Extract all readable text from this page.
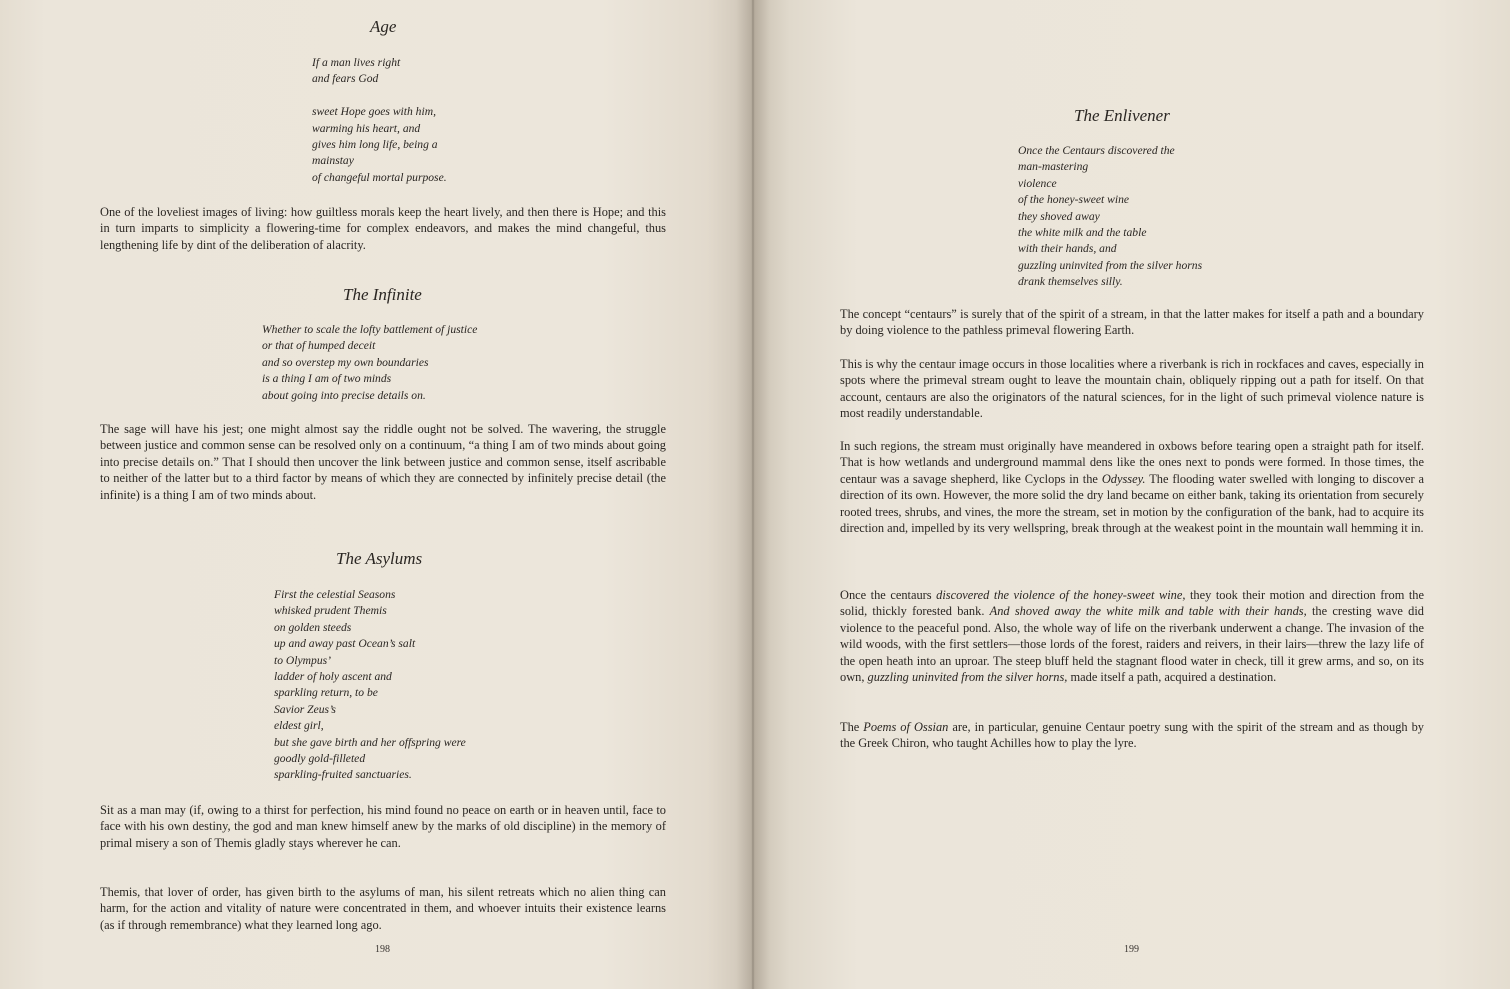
Age
If a man lives right
and fears God
sweet Hope goes with him,
warming his heart, and
gives him long life, being a
mainstay
of changeful mortal purpose.

One of the loveliest images of living: how guiltless morals keep the heart lively, and then there is Hope; and this in turn imparts to simplicity a flowering-time for complex endeavors, and makes the mind changeful, thus lengthening life by dint of the deliberation of alacrity.

The Infinite
Whether to scale the lofty battlement of justice
or that of humped deceit
and so overstep my own boundaries
is a thing I am of two minds
about going into precise details on.

The sage will have his jest; one might almost say the riddle ought not be solved. The wavering, the struggle between justice and common sense can be resolved only on a continuum, “a thing I am of two minds about going into precise details on.” That I should then uncover the link between justice and common sense, itself ascribable to neither of the latter but to a third factor by means of which they are connected by infinitely precise detail (the infinite) is a thing I am of two minds about.

The Asylums
First the celestial Seasons
whisked prudent Themis
on golden steeds
up and away past Ocean’s salt
to Olympus’
ladder of holy ascent and
sparkling return, to be
Savior Zeus’s
eldest girl,
but she gave birth and her offspring were
goodly gold-filleted
sparkling-fruited sanctuaries.

Sit as a man may (if, owing to a thirst for perfection, his mind found no peace on earth or in heaven until, face to face with his own destiny, the god and man knew himself anew by the marks of old discipline) in the memory of primal misery a son of Themis gladly stays wherever he can.

Themis, that lover of order, has given birth to the asylums of man, his silent retreats which no alien thing can harm, for the action and vitality of nature were concentrated in them, and whoever intuits their existence learns (as if through remembrance) what they learned long ago.

198
The Enlivener
Once the Centaurs discovered the
man-mastering
violence
of the honey-sweet wine
they shoved away
the white milk and the table
with their hands, and
guzzling uninvited from the silver horns
drank themselves silly.

The concept “centaurs” is surely that of the spirit of a stream, in that the latter makes for itself a path and a boundary by doing violence to the pathless primeval flowering Earth.

This is why the centaur image occurs in those localities where a riverbank is rich in rockfaces and caves, especially in spots where the primeval stream ought to leave the mountain chain, obliquely ripping out a path for itself. On that account, centaurs are also the originators of the natural sciences, for in the light of such primeval violence nature is most readily understandable.

In such regions, the stream must originally have meandered in oxbows before tearing open a straight path for itself. That is how wetlands and underground mammal dens like the ones next to ponds were formed. In those times, the centaur was a savage shepherd, like Cyclops in the Odyssey. The flooding water swelled with longing to discover a direction of its own. However, the more solid the dry land became on either bank, taking its orientation from securely rooted trees, shrubs, and vines, the more the stream, set in motion by the configuration of the bank, had to acquire its direction and, impelled by its very wellspring, break through at the weakest point in the mountain wall hemming it in.

Once the centaurs discovered the violence of the honey-sweet wine, they took their motion and direction from the solid, thickly forested bank. And shoved away the white milk and table with their hands, the cresting wave did violence to the peaceful pond. Also, the whole way of life on the riverbank underwent a change. The invasion of the wild woods, with the first settlers—those lords of the forest, raiders and reivers, in their lairs—threw the lazy life of the open heath into an uproar. The steep bluff held the stagnant flood water in check, till it grew arms, and so, on its own, guzzling uninvited from the silver horns, made itself a path, acquired a destination.

The Poems of Ossian are, in particular, genuine Centaur poetry sung with the spirit of the stream and as though by the Greek Chiron, who taught Achilles how to play the lyre.

199
